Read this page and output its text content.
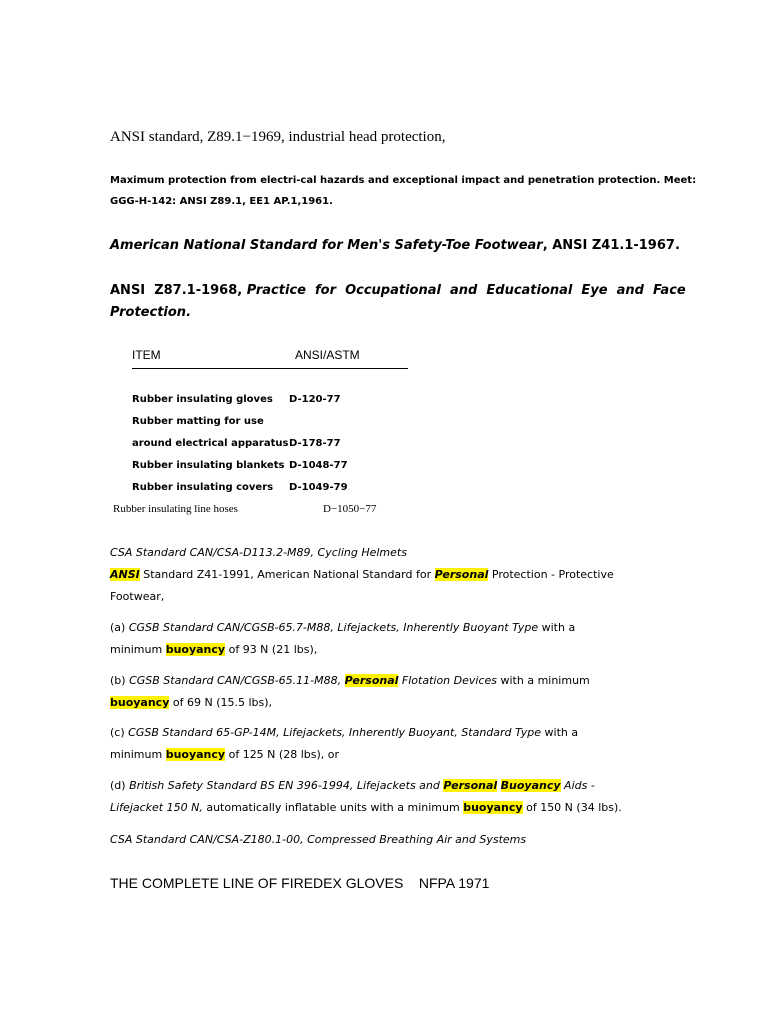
ANSI standard, Z89.1−1969, industrial head protection,
Maximum protection from electri-cal hazards and exceptional impact and penetration protection. Meet:
GGG-H-142: ANSI Z89.1, EE1 AP.1,1961.
American National Standard for Men's Safety-Toe Footwear, ANSI Z41.1-1967.
ANSI  Z87.1-1968, Practice  for  Occupational  and  Educational  Eye  and  Face
Protection.
ITEM	ANSI/ASTM
Rubber insulating gloves D-120-77
Rubber matting for use
around electrical apparatusD-178-77
Rubber insulating blankets D-1048-77
Rubber insulating covers D-1049-79
Rubber insulating line hoses	D−1050−77
CSA Standard CAN/CSA-D113.2-M89, Cycling Helmets
ANSI Standard Z41-1991, American National Standard for Personal Protection - Protective
Footwear,
(a) CGSB Standard CAN/CGSB-65.7-M88, Lifejackets, Inherently Buoyant Type with a
minimum buoyancy of 93 N (21 lbs),
(b) CGSB Standard CAN/CGSB-65.11-M88, Personal Flotation Devices with a minimum
buoyancy of 69 N (15.5 lbs),
(c) CGSB Standard 65-GP-14M, Lifejackets, Inherently Buoyant, Standard Type with a
minimum buoyancy of 125 N (28 lbs), or
(d) British Safety Standard BS EN 396-1994, Lifejackets and Personal Buoyancy Aids -
Lifejacket 150 N, automatically inflatable units with a minimum buoyancy of 150 N (34 lbs).
CSA Standard CAN/CSA-Z180.1-00, Compressed Breathing Air and Systems
THE COMPLETE LINE OF FIREDEX GLOVES    NFPA 1971
